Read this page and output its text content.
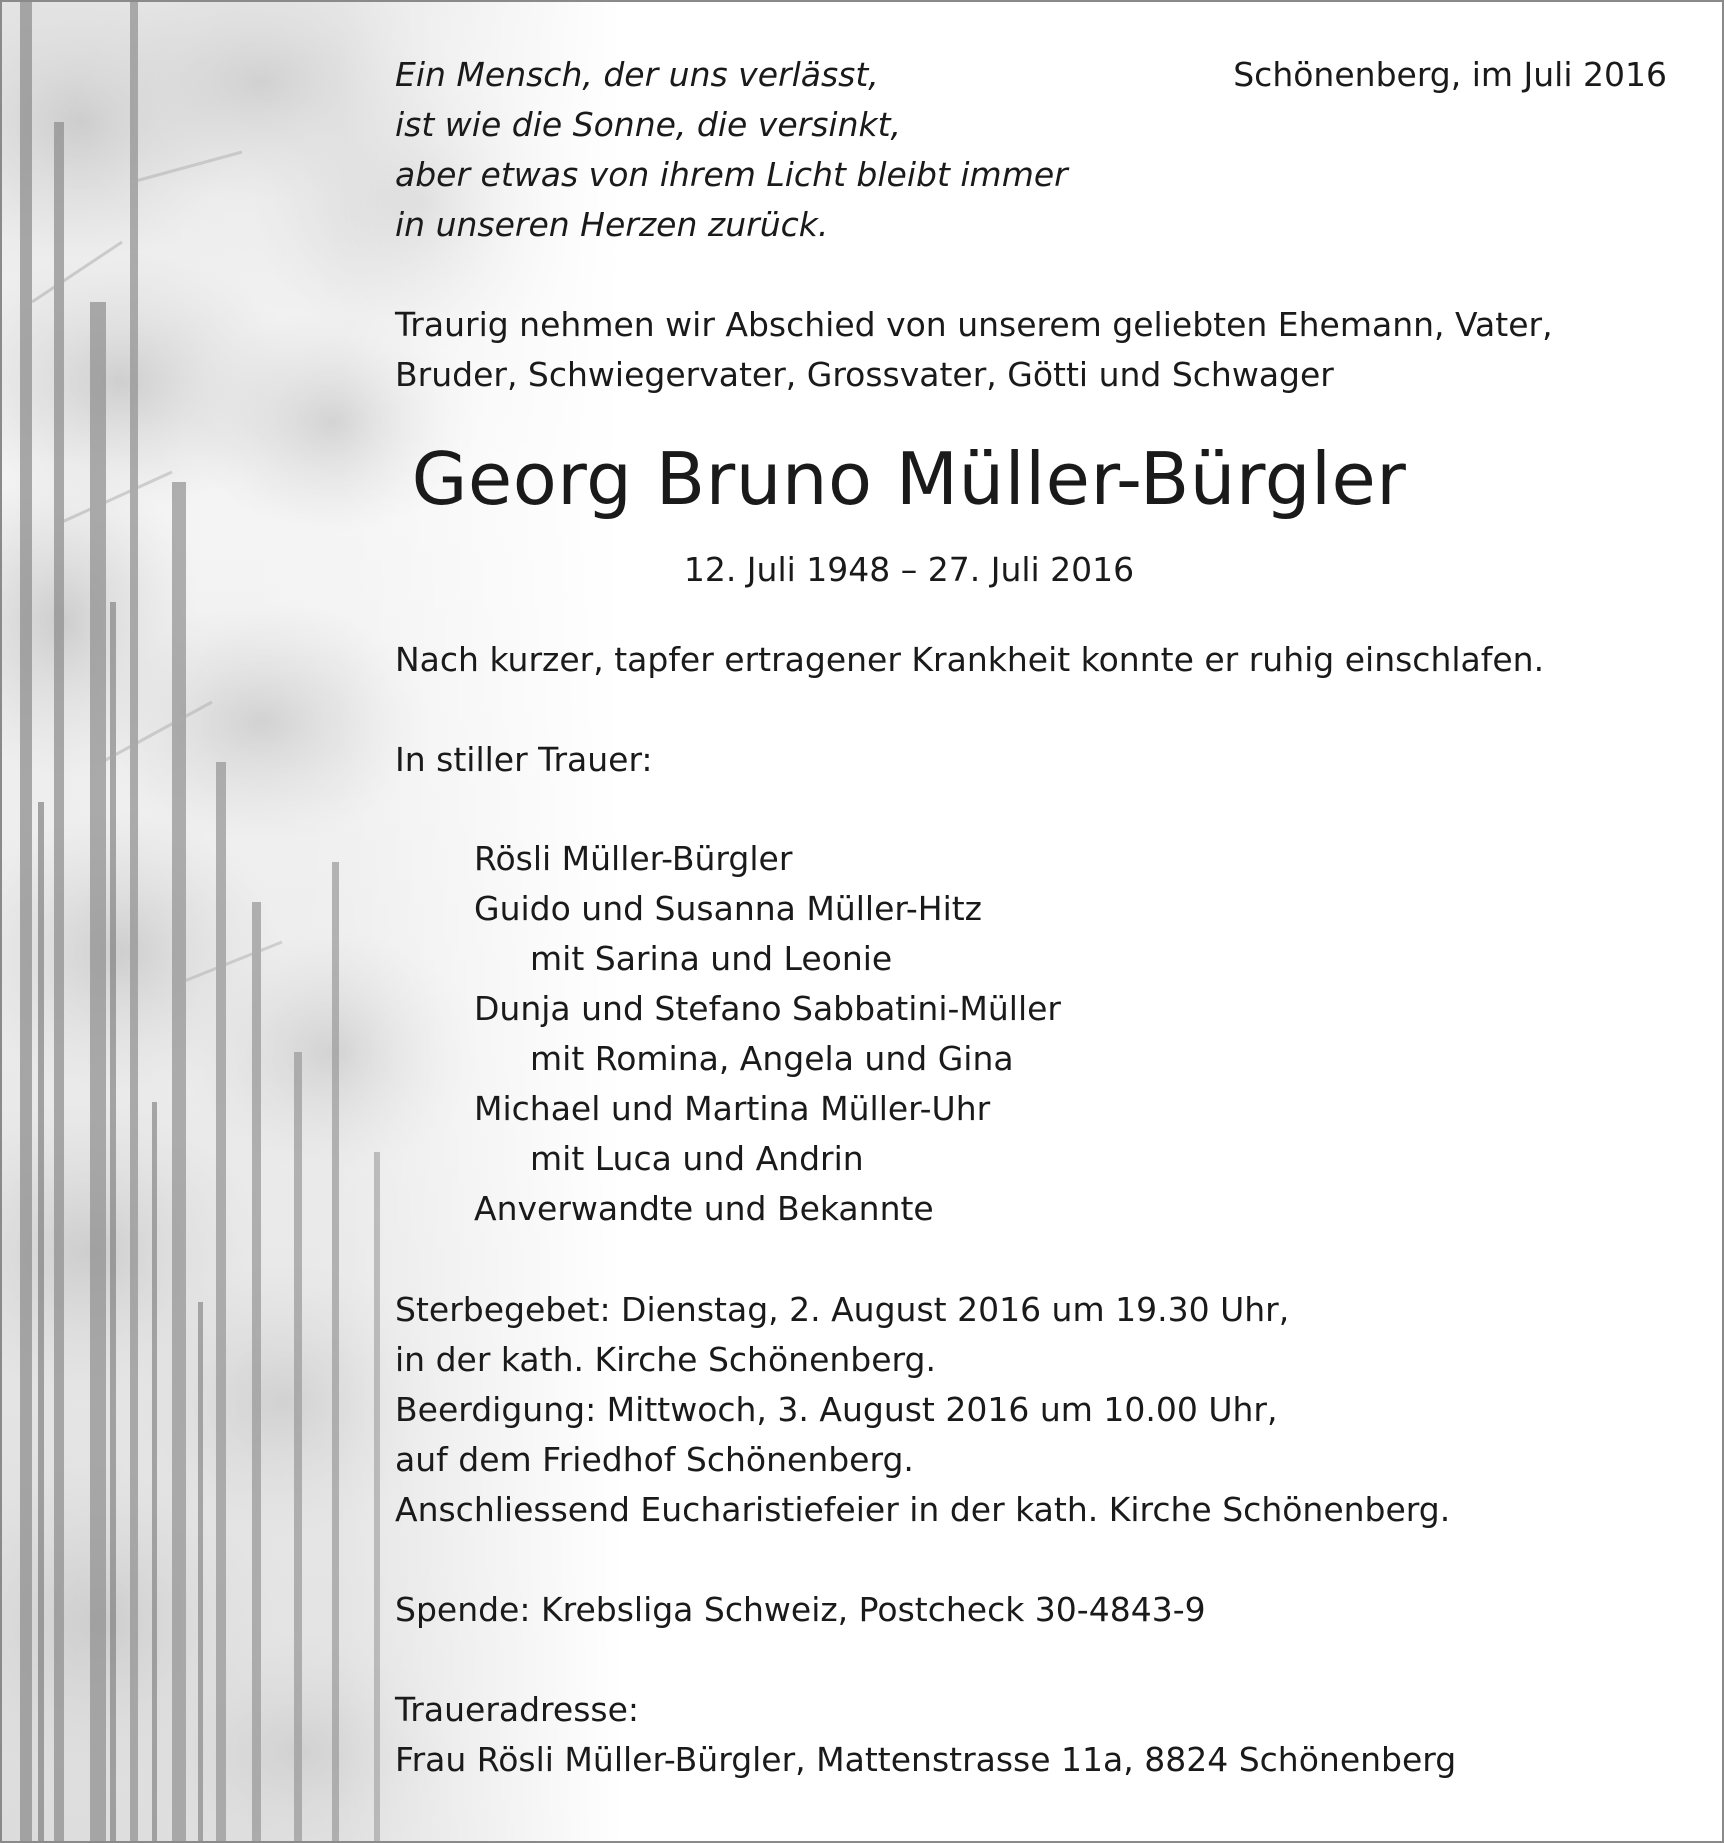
Ein Mensch, der uns verlässt,
ist wie die Sonne, die versinkt,
aber etwas von ihrem Licht bleibt immer
in unseren Herzen zurück.
Schönenberg, im Juli 2016
Traurig nehmen wir Abschied von unserem geliebten Ehemann, Vater,
Bruder, Schwiegervater, Grossvater, Götti und Schwager
Georg Bruno Müller-Bürgler
12. Juli 1948 – 27. Juli 2016
Nach kurzer, tapfer ertragener Krankheit konnte er ruhig einschlafen.
In stiller Trauer:
Rösli Müller-Bürgler
Guido und Susanna Müller-Hitz
mit Sarina und Leonie
Dunja und Stefano Sabbatini-Müller
mit Romina, Angela und Gina
Michael und Martina Müller-Uhr
mit Luca und Andrin
Anverwandte und Bekannte
Sterbegebet: Dienstag, 2. August 2016 um 19.30 Uhr,
in der kath. Kirche Schönenberg.
Beerdigung: Mittwoch, 3. August 2016 um 10.00 Uhr,
auf dem Friedhof Schönenberg.
Anschliessend Eucharistiefeier in der kath. Kirche Schönenberg.
Spende: Krebsliga Schweiz, Postcheck 30-4843-9
Traueradresse:
Frau Rösli Müller-Bürgler, Mattenstrasse 11a, 8824 Schönenberg
